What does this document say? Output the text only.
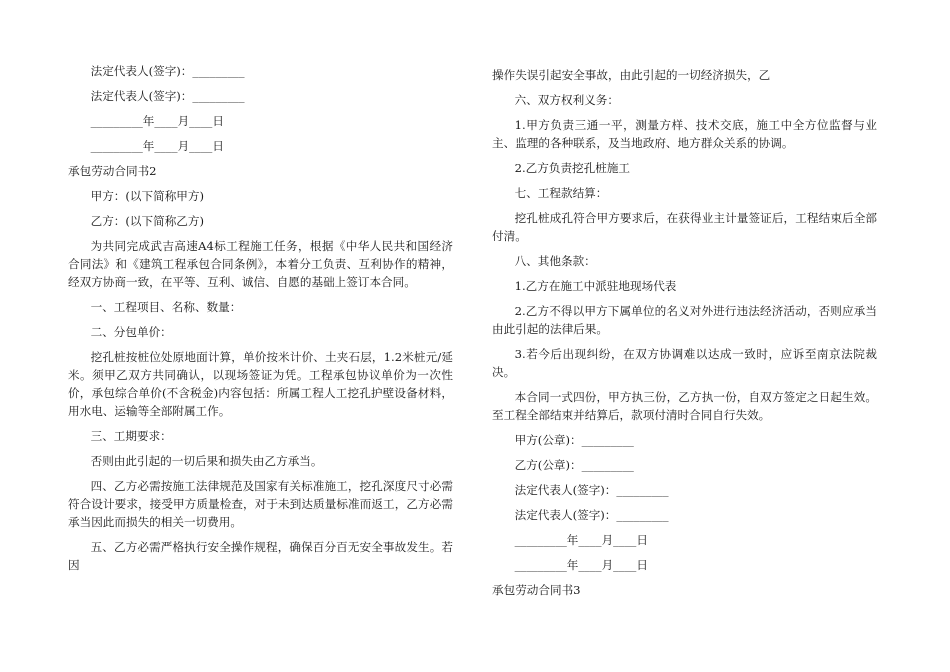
法定代表人(签字)：_________

法定代表人(签字)：_________

_________年____月____日

_________年____月____日

承包劳动合同书2

甲方：(以下简称甲方)

乙方：(以下简称乙方)

为共同完成武吉高速A4标工程施工任务，根据《中华人民共和国经济合同法》和《建筑工程承包合同条例》，本着分工负责、互利协作的精神，经双方协商一致，在平等、互利、诚信、自愿的基础上签订本合同。

一、工程项目、名称、数量：

二、分包单价：

挖孔桩按桩位处原地面计算，单价按米计价、土夹石层，1.2米桩元/延米。须甲乙双方共同确认，以现场签证为凭。工程承包协议单价为一次性价，承包综合单价(不含税金)内容包括：所属工程人工挖孔护壁设备材料，用水电、运输等全部附属工作。

三、工期要求：

否则由此引起的一切后果和损失由乙方承当。

四、乙方必需按施工法律规范及国家有关标准施工，挖孔深度尺寸必需符合设计要求，接受甲方质量检查，对于未到达质量标准而返工，乙方必需承当因此而损失的相关一切费用。

五、乙方必需严格执行安全操作规程，确保百分百无安全事故发生。若因

操作失误引起安全事故，由此引起的一切经济损失，乙

六、双方权利义务：

1.甲方负责三通一平，测量方样、技术交底，施工中全方位监督与业主、监理的各种联系，及当地政府、地方群众关系的协调。

2.乙方负责挖孔桩施工

七、工程款结算：

挖孔桩成孔符合甲方要求后，在获得业主计量签证后，工程结束后全部付清。

八、其他条款：

1.乙方在施工中派驻地现场代表

2.乙方不得以甲方下属单位的名义对外进行违法经济活动，否则应承当由此引起的法律后果。

3.若今后出现纠纷，在双方协调难以达成一致时，应诉至南京法院裁决。

本合同一式四份，甲方执三份，乙方执一份，自双方签定之日起生效。至工程全部结束并结算后，款项付清时合同自行失效。

甲方(公章)：_________

乙方(公章)：_________

法定代表人(签字)：_________

法定代表人(签字)：_________

_________年____月____日

_________年____月____日

承包劳动合同书3
